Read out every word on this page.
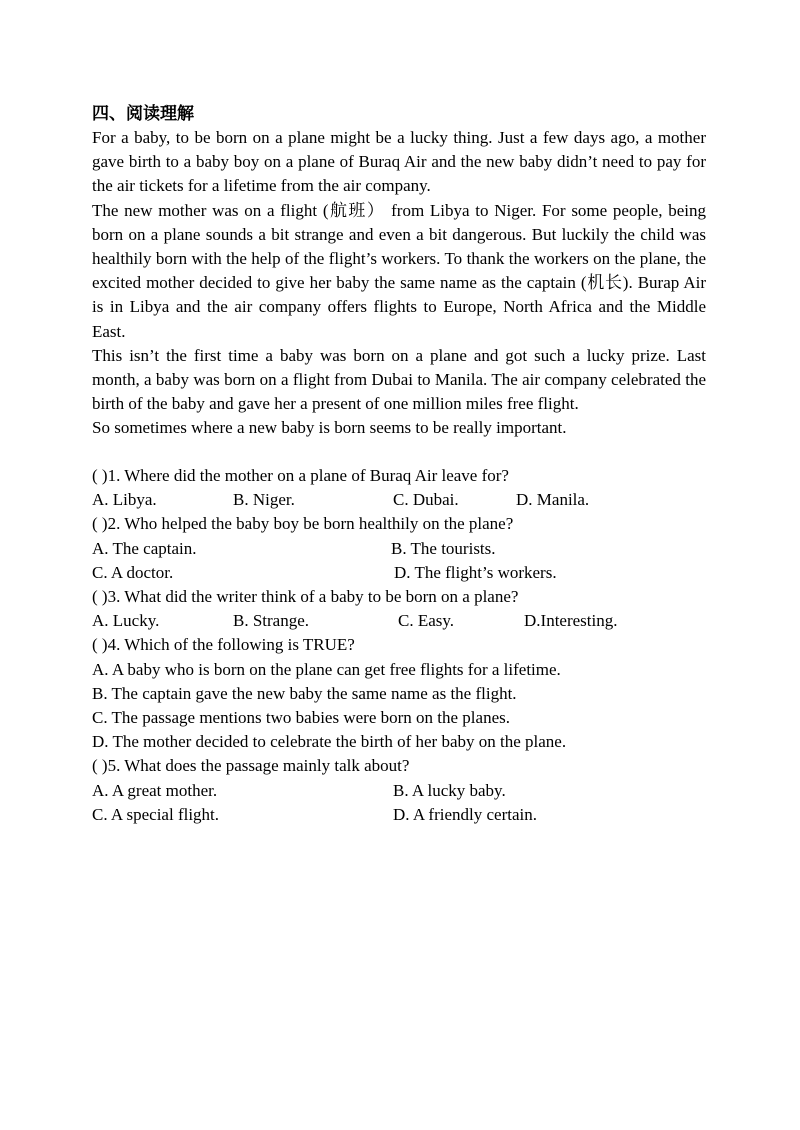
四、阅读理解

For a baby, to be born on a plane might be a lucky thing. Just a few days ago, a mother gave birth to a baby boy on a plane of Buraq Air and the new baby didn’t need to pay for the air tickets for a lifetime from the air company.

The new mother was on a flight (航班） from Libya to Niger. For some people, being born on a plane sounds a bit strange and even a bit dangerous. But luckily the child was healthily born with the help of the flight’s workers. To thank the workers on the plane, the excited mother decided to give her baby the same name as the captain (机长). Burap Air is in Libya and the air company offers flights to Europe, North Africa and the Middle East.

This isn’t the first time a baby was born on a plane and got such a lucky prize. Last month, a baby was born on a flight from Dubai to Manila. The air company celebrated the birth of the baby and gave her a present of one million miles free flight.

So sometimes where a new baby is born seems to be really important.

( )1. Where did the mother on a plane of Buraq Air leave for?

A. Libya.	B. Niger.	C. Dubai.	D. Manila.

( )2. Who helped the baby boy be born healthily on the plane?

A. The captain.	B. The tourists.
C. A doctor.	D. The flight’s workers.

( )3. What did the writer think of a baby to be born on a plane?

A. Lucky.	B. Strange.	C. Easy.	D.Interesting.

( )4. Which of the following is TRUE?

A. A baby who is born on the plane can get free flights for a lifetime.

B. The captain gave the new baby the same name as the flight.

C. The passage mentions two babies were born on the planes.

D. The mother decided to celebrate the birth of her baby on the plane.

( )5. What does the passage mainly talk about?

A. A great mother.	B. A lucky baby.
C. A special flight.	D. A friendly certain.
